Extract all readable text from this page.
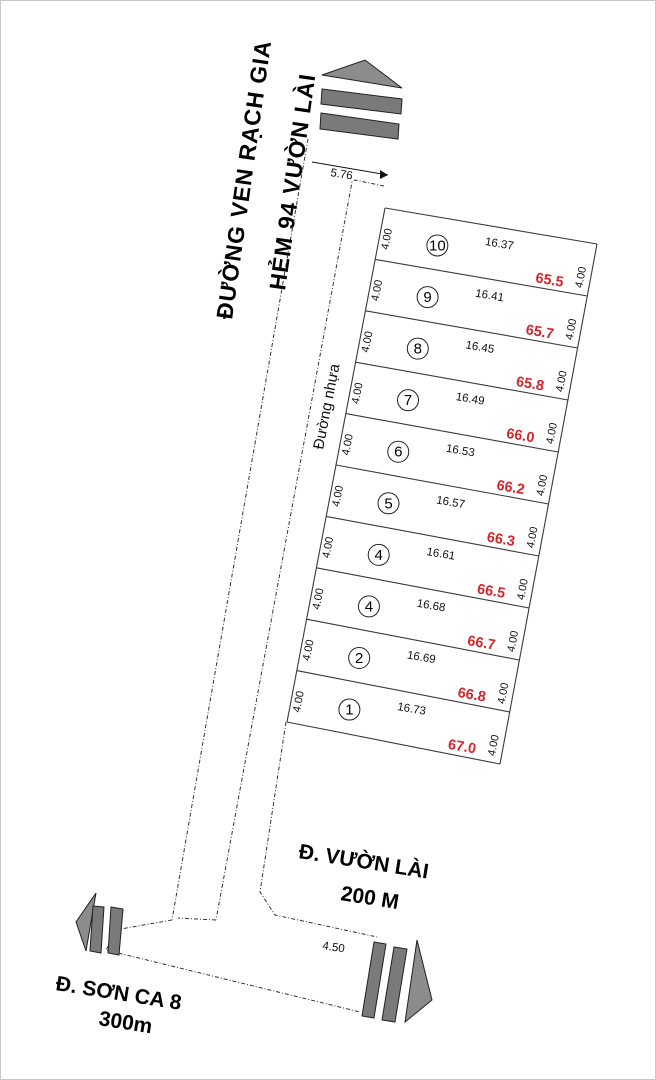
5.76
10	16.37
65.5
4.00
4.00
9	16.41
65.7
4.00
4.00
8	16.45
65.8
4.00
4.00
7	16.49
66.0
4.00
4.00
6	16.53
66.2
4.00
4.00
5	16.57
66.3
4.00
4.00
4	16.61
66.5
4.00
4.00
4	16.68
66.7
4.00
4.00
2	16.69
66.8
4.00
4.00
1	16.73
67.0
4.00
4.00
ĐƯỜNG VEN RẠCH GIA
HẺM 94 VƯỜN LÀI
Đường nhựa
Đ. VƯỜN LÀI
200 M
Đ. SƠN CA 8
300m
4.50
